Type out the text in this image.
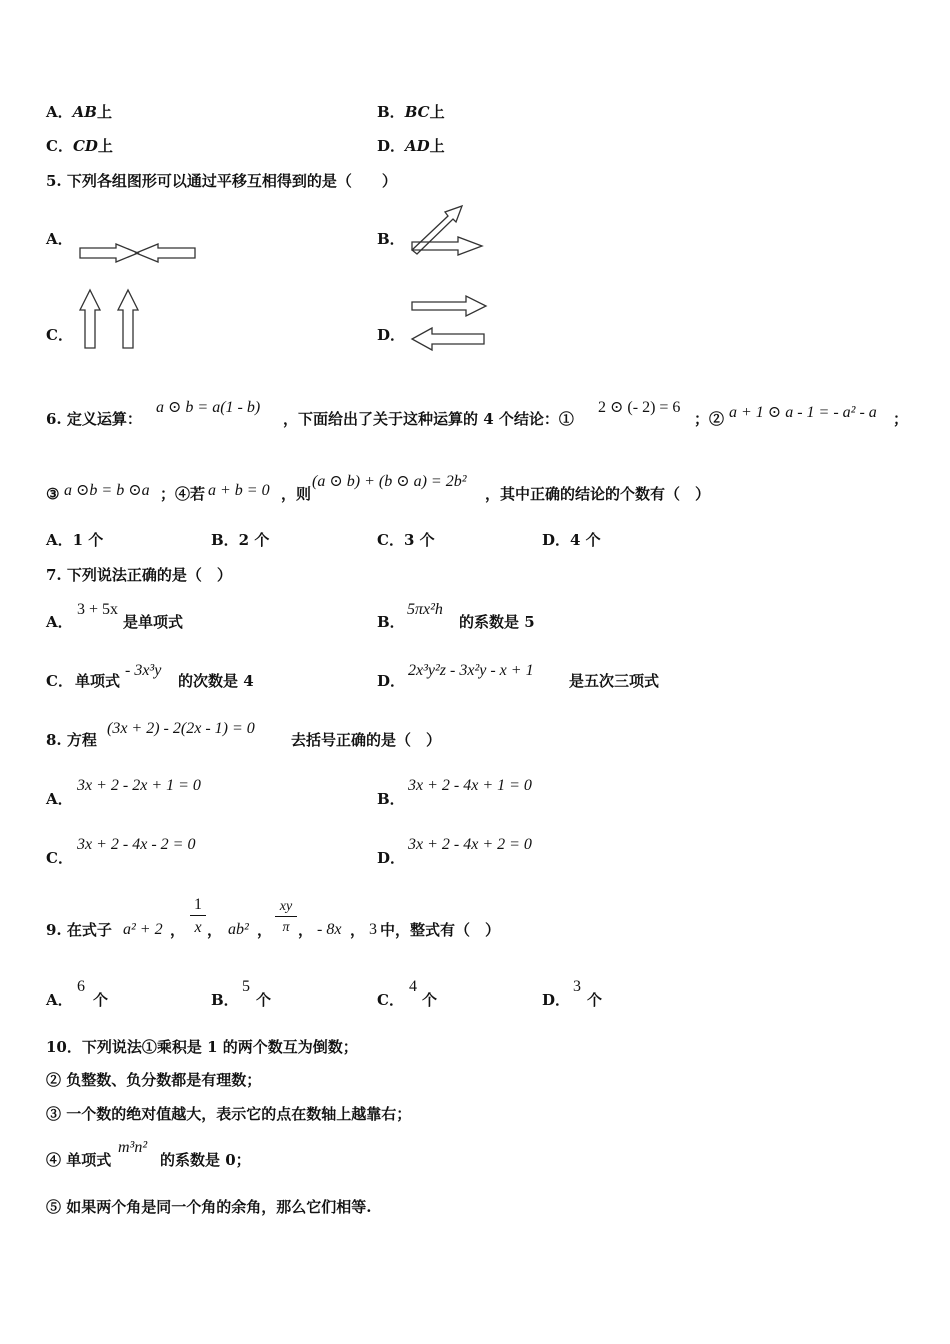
A．AB上	B．BC上
C．CD上	D．AD上
5. 下列各组图形可以通过平移互相得到的是（　　）
A．	B．
C．	D．
6. 定义运算：
a ⊙ b = a(1 - b)
，下面给出了关于这种运算的 4 个结论：①
2 ⊙ (- 2) = 6
；② a + 1 ⊙ a - 1 = - a² - a ；
③ a ⊙b = b ⊙a ；④若 a + b = 0 ，则
(a ⊙ b) + (b ⊙ a) = 2b²
，其中正确的结论的个数有（　）
A．1 个	B．2 个	C．3 个	D．4 个
7. 下列说法正确的是（　）
A．
3 + 5x
是单项式	B．
5πx²h
的系数是 5
C． 单项式
- 3x³y
的次数是 4	D．
2x³y²z - 3x²y - x + 1
是五次三项式
8. 方程
(3x + 2) - 2(2x - 1) = 0
去括号正确的是（　）
A．
3x + 2 - 2x + 1 = 0
B．
3x + 2 - 4x + 1 = 0
C．
3x + 2 - 4x - 2 = 0
D．
3x + 2 - 4x + 2 = 0
9. 在式子 a² + 2 ，
1
x ， ab² ，
xy
π ， - 8x ， 3 中，整式有（　）
A．
6
个	B．
5
个	C．
4
个	D．
3
个
10．下列说法①乘积是 1 的两个数互为倒数；
② 负整数、负分数都是有理数；
③ 一个数的绝对值越大，表示它的点在数轴上越靠右；
④ 单项式
m³n²
的系数是 0；
⑤ 如果两个角是同一个角的余角，那么它们相等.
